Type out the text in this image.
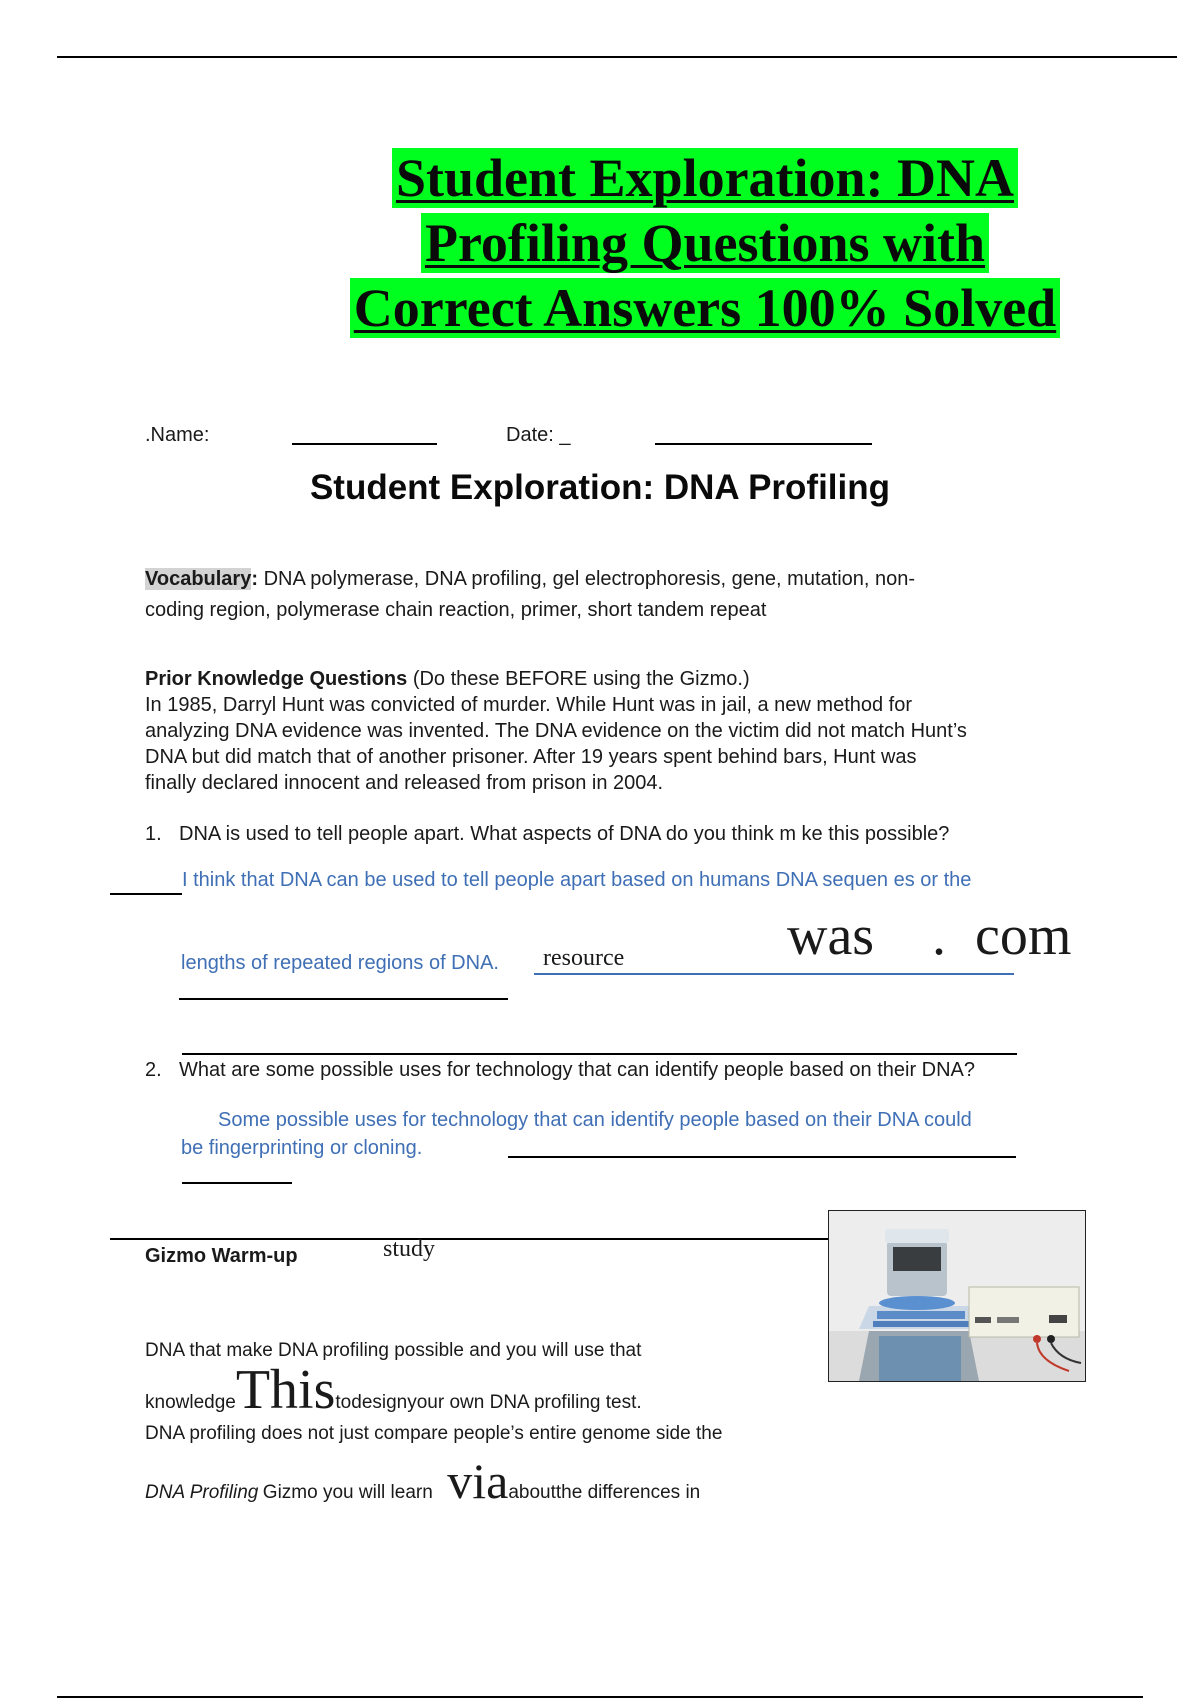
Student Exploration: DNA
Profiling Questions with
Correct Answers 100% Solved
.Name:	Date: _
Student Exploration: DNA Profiling
Vocabulary: DNA polymerase, DNA profiling, gel electrophoresis, gene, mutation, non-
coding region, polymerase chain reaction, primer, short tandem repeat
Prior Knowledge Questions (Do these BEFORE using the Gizmo.)
In 1985, Darryl Hunt was convicted of murder. While Hunt was in jail, a new method for
analyzing DNA evidence was invented. The DNA evidence on the victim did not match Hunt’s
DNA but did match that of another prisoner. After 19 years spent behind bars, Hunt was
finally declared innocent and released from prison in 2004.
1. DNA is used to tell people apart. What aspects of DNA do you think m ke this possible?
I think that DNA can be used to tell people apart based on humans DNA sequen es or the
lengths of repeated regions of DNA. resource	was . com
2. What are some possible uses for technology that can identify people based on their DNA?
Some possible uses for technology that can identify people based on their DNA could
be fingerprinting or cloning.
Gizmo Warm-up	study
DNA that make DNA profiling possible and you will use that
knowledgeThistodesignyour own DNA profiling test.
DNA profiling does not just compare people’s entire genome side the
DNA Profiling Gizmo you will learn viaaboutthe differences in
